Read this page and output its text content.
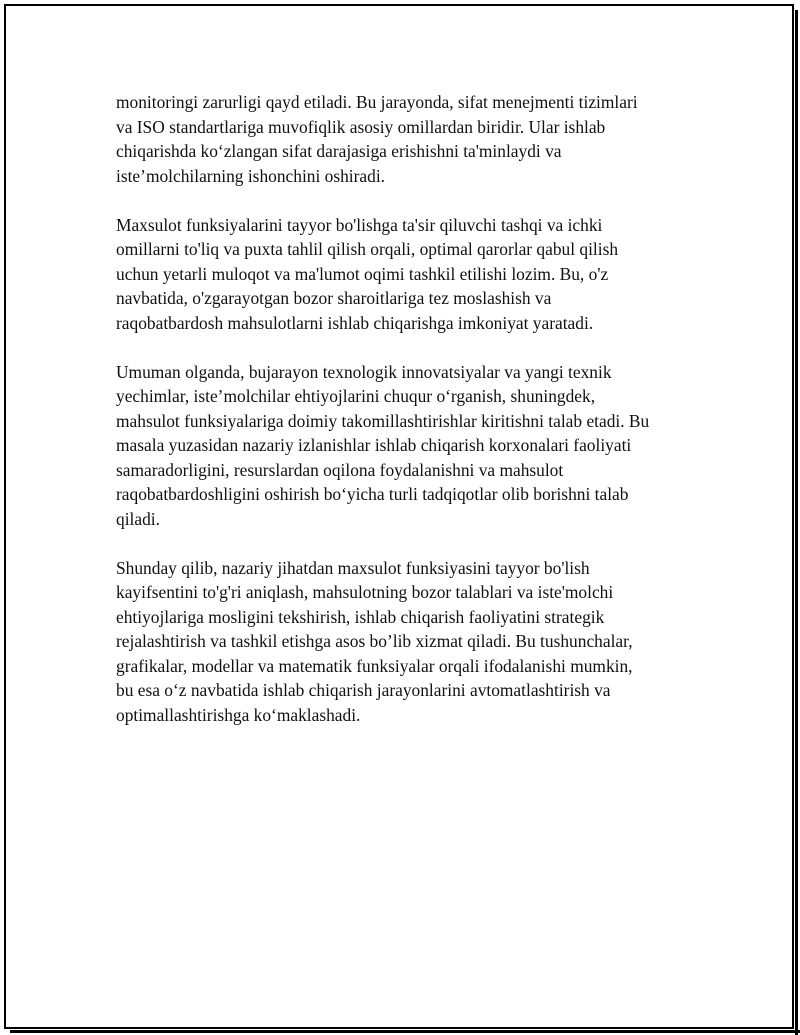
monitoringi zarurligi qayd etiladi. Bu jarayonda, sifat menejmenti tizimlari
va ISO standartlariga muvofiqlik asosiy omillardan biridir. Ular ishlab
chiqarishda ko‘zlangan sifat darajasiga erishishni ta'minlaydi va
iste’molchilarning ishonchini oshiradi.

Maxsulot funksiyalarini tayyor bo'lishga ta'sir qiluvchi tashqi va ichki
omillarni to'liq va puxta tahlil qilish orqali, optimal qarorlar qabul qilish
uchun yetarli muloqot va ma'lumot oqimi tashkil etilishi lozim. Bu, o'z
navbatida, o'zgarayotgan bozor sharoitlariga tez moslashish va
raqobatbardosh mahsulotlarni ishlab chiqarishga imkoniyat yaratadi.

Umuman olganda, bujarayon texnologik innovatsiyalar va yangi texnik
yechimlar, iste’molchilar ehtiyojlarini chuqur o‘rganish, shuningdek,
mahsulot funksiyalariga doimiy takomillashtirishlar kiritishni talab etadi. Bu
masala yuzasidan nazariy izlanishlar ishlab chiqarish korxonalari faoliyati
samaradorligini, resurslardan oqilona foydalanishni va mahsulot
raqobatbardoshligini oshirish bo‘yicha turli tadqiqotlar olib borishni talab
qiladi.

Shunday qilib, nazariy jihatdan maxsulot funksiyasini tayyor bo'lish
kayifsentini to'g'ri aniqlash, mahsulotning bozor talablari va iste'molchi
ehtiyojlariga mosligini tekshirish, ishlab chiqarish faoliyatini strategik
rejalashtirish va tashkil etishga asos bo’lib xizmat qiladi. Bu tushunchalar,
grafikalar, modellar va matematik funksiyalar orqali ifodalanishi mumkin,
bu esa o‘z navbatida ishlab chiqarish jarayonlarini avtomatlashtirish va
optimallashtirishga ko‘maklashadi.
